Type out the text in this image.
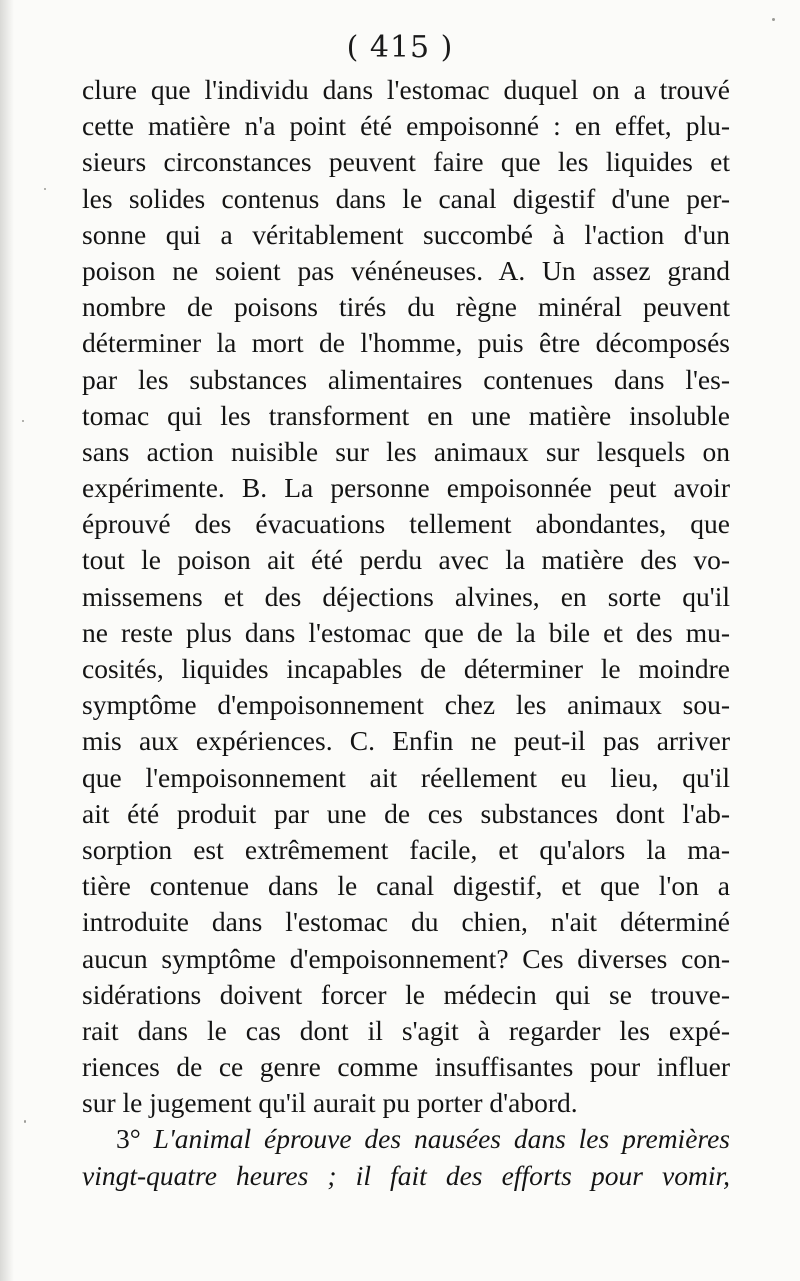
( 415 )
clure que l'individu dans l'estomac duquel on a trouvé
cette matière n'a point été empoisonné : en effet, plu-
sieurs circonstances peuvent faire que les liquides et
les solides contenus dans le canal digestif d'une per-
sonne qui a véritablement succombé à l'action d'un
poison ne soient pas vénéneuses. A. Un assez grand
nombre de poisons tirés du règne minéral peuvent
déterminer la mort de l'homme, puis être décomposés
par les substances alimentaires contenues dans l'es-
tomac qui les transforment en une matière insoluble
sans action nuisible sur les animaux sur lesquels on
expérimente. B. La personne empoisonnée peut avoir
éprouvé des évacuations tellement abondantes, que
tout le poison ait été perdu avec la matière des vo-
missemens et des déjections alvines, en sorte qu'il
ne reste plus dans l'estomac que de la bile et des mu-
cosités, liquides incapables de déterminer le moindre
symptôme d'empoisonnement chez les animaux sou-
mis aux expériences. C. Enfin ne peut-il pas arriver
que l'empoisonnement ait réellement eu lieu, qu'il
ait été produit par une de ces substances dont l'ab-
sorption est extrêmement facile, et qu'alors la ma-
tière contenue dans le canal digestif, et que l'on a
introduite dans l'estomac du chien, n'ait déterminé
aucun symptôme d'empoisonnement? Ces diverses con-
sidérations doivent forcer le médecin qui se trouve-
rait dans le cas dont il s'agit à regarder les expé-
riences de ce genre comme insuffisantes pour influer
sur le jugement qu'il aurait pu porter d'abord.
3° L'animal éprouve des nausées dans les premières
vingt-quatre heures ; il fait des efforts pour vomir,
